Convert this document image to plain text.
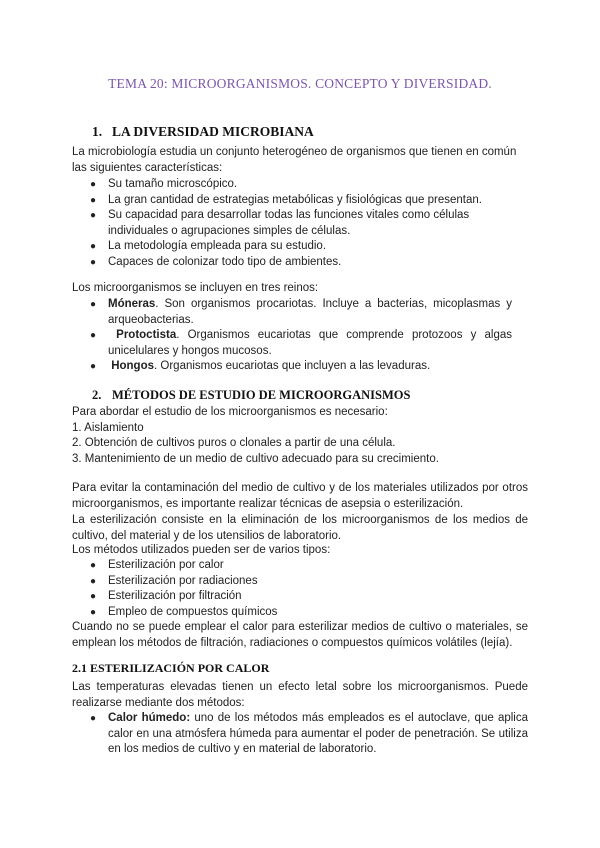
TEMA 20: MICROORGANISMOS. CONCEPTO Y DIVERSIDAD.
1. LA DIVERSIDAD MICROBIANA
La microbiología estudia un conjunto heterogéneo de organismos que tienen en común las siguientes características:
● Su tamaño microscópico.
● La gran cantidad de estrategias metabólicas y fisiológicas que presentan.
● Su capacidad para desarrollar todas las funciones vitales como células individuales o agrupaciones simples de células.
● La metodología empleada para su estudio.
● Capaces de colonizar todo tipo de ambientes.
Los microorganismos se incluyen en tres reinos:
● Móneras. Son organismos procariotas. Incluye a bacterias, micoplasmas y arqueobacterias.
● Protoctista. Organismos eucariotas que comprende protozoos y algas unicelulares y hongos mucosos.
● Hongos. Organismos eucariotas que incluyen a las levaduras.
2. MÉTODOS DE ESTUDIO DE MICROORGANISMOS
Para abordar el estudio de los microorganismos es necesario:
1. Aislamiento
2. Obtención de cultivos puros o clonales a partir de una célula.
3. Mantenimiento de un medio de cultivo adecuado para su crecimiento.
Para evitar la contaminación del medio de cultivo y de los materiales utilizados por otros microorganismos, es importante realizar técnicas de asepsia o esterilización.
La esterilización consiste en la eliminación de los microorganismos de los medios de cultivo, del material y de los utensilios de laboratorio.
Los métodos utilizados pueden ser de varios tipos:
● Esterilización por calor
● Esterilización por radiaciones
● Esterilización por filtración
● Empleo de compuestos químicos
Cuando no se puede emplear el calor para esterilizar medios de cultivo o materiales, se emplean los métodos de filtración, radiaciones o compuestos químicos volátiles (lejía).
2.1 ESTERILIZACIÓN POR CALOR
Las temperaturas elevadas tienen un efecto letal sobre los microorganismos. Puede realizarse mediante dos métodos:
● Calor húmedo: uno de los métodos más empleados es el autoclave, que aplica calor en una atmósfera húmeda para aumentar el poder de penetración. Se utiliza en los medios de cultivo y en material de laboratorio.
